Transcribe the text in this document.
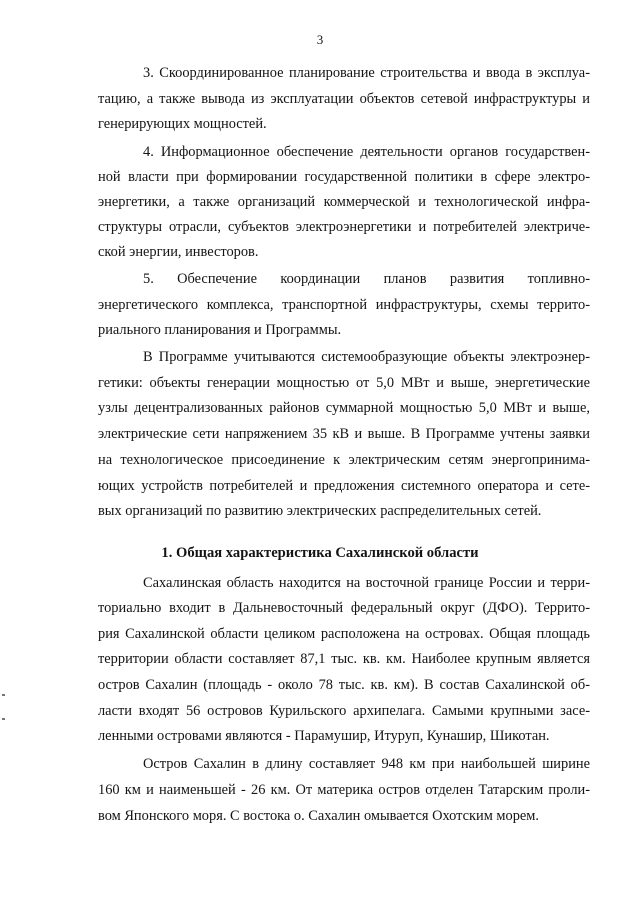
3
3. Скоординированное планирование строительства и ввода в эксплуа-
тацию, а также вывода из эксплуатации объектов сетевой инфраструктуры и
генерирующих мощностей.
4. Информационное обеспечение деятельности органов государствен-
ной власти при формировании государственной политики в сфере электро-
энергетики, а также организаций коммерческой и технологической инфра-
структуры отрасли, субъектов электроэнергетики и потребителей электриче-
ской энергии, инвесторов.
5. Обеспечение координации планов развития топливно-
энергетического комплекса, транспортной инфраструктуры, схемы террито-
риального планирования и Программы.
В Программе учитываются системообразующие объекты электроэнер-
гетики: объекты генерации мощностью от 5,0 МВт и выше, энергетические
узлы децентрализованных районов суммарной мощностью 5,0 МВт и выше,
электрические сети напряжением 35 кВ и выше. В Программе учтены заявки
на технологическое присоединение к электрическим сетям энергопринима-
ющих устройств потребителей и предложения системного оператора и сете-
вых организаций по развитию электрических распределительных сетей.
1. Общая характеристика Сахалинской области
Сахалинская область находится на восточной границе России и терри-
ториально входит в Дальневосточный федеральный округ (ДФО). Террито-
рия Сахалинской области целиком расположена на островах. Общая площадь
территории области составляет 87,1 тыс. кв. км. Наиболее крупным является
остров Сахалин (площадь - около 78 тыс. кв. км). В состав Сахалинской об-
ласти входят 56 островов Курильского архипелага. Самыми крупными засе-
ленными островами являются - Парамушир, Итуруп, Кунашир, Шикотан.
Остров Сахалин в длину составляет 948 км при наибольшей ширине
160 км и наименьшей - 26 км. От материка остров отделен Татарским проли-
вом Японского моря. С востока о. Сахалин омывается Охотским морем.
